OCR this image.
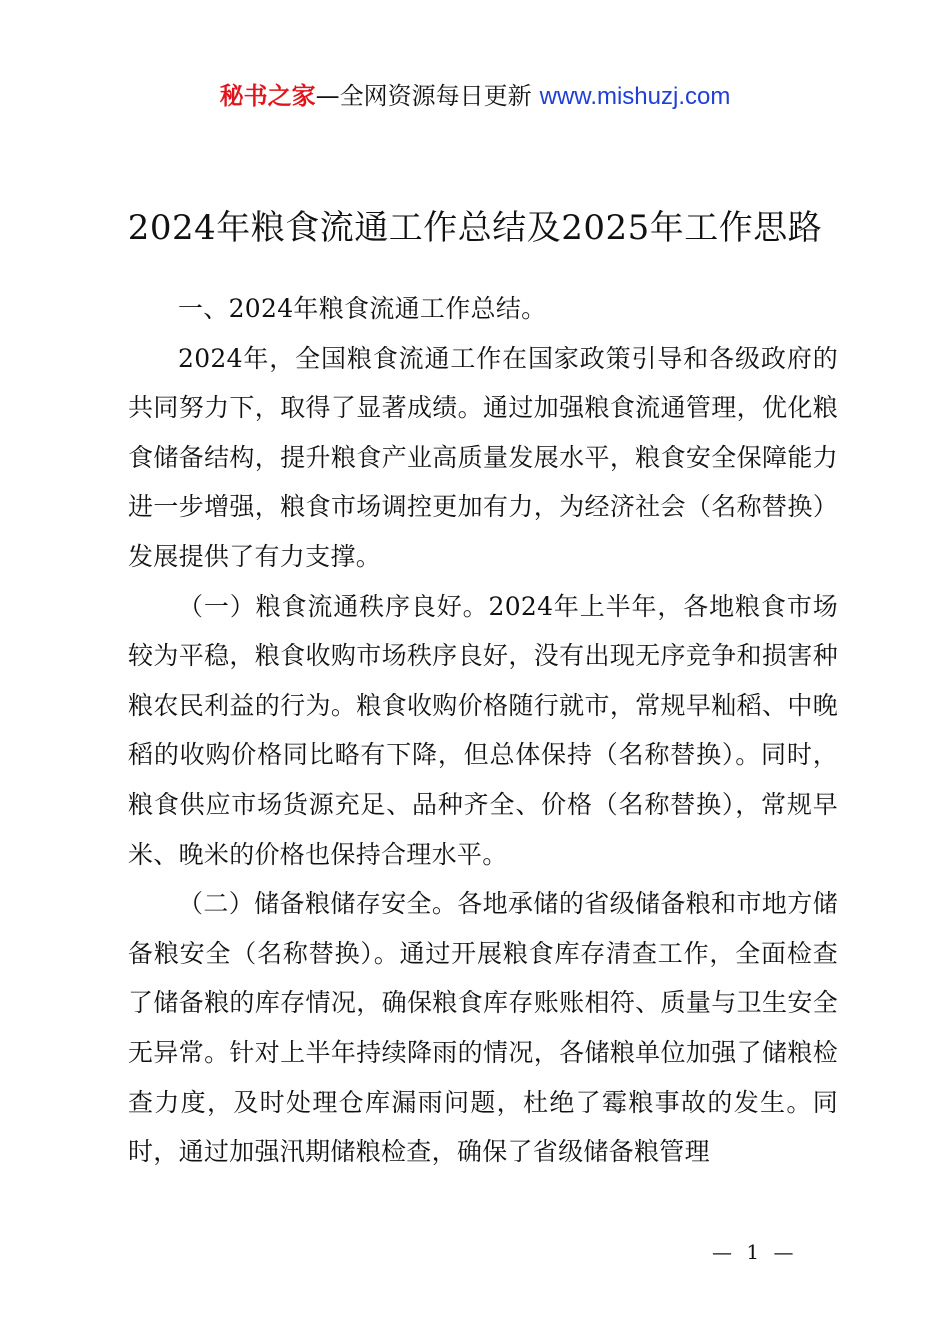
秘书之家—全网资源每日更新 www.mishuzj.com
2024年粮食流通工作总结及2025年工作思路

一、2024年粮食流通工作总结。

2024年，全国粮食流通工作在国家政策引导和各级政府的共同努力下，取得了显著成绩。通过加强粮食流通管理，优化粮食储备结构，提升粮食产业高质量发展水平，粮食安全保障能力进一步增强，粮食市场调控更加有力，为经济社会（名称替换）发展提供了有力支撑。

（一）粮食流通秩序良好。2024年上半年，各地粮食市场较为平稳，粮食收购市场秩序良好，没有出现无序竞争和损害种粮农民利益的行为。粮食收购价格随行就市，常规早籼稻、中晚稻的收购价格同比略有下降，但总体保持（名称替换）。同时，粮食供应市场货源充足、品种齐全、价格（名称替换），常规早米、晚米的价格也保持合理水平。

（二）储备粮储存安全。各地承储的省级储备粮和市地方储备粮安全（名称替换）。通过开展粮食库存清查工作，全面检查了储备粮的库存情况，确保粮食库存账账相符、质量与卫生安全无异常。针对上半年持续降雨的情况，各储粮单位加强了储粮检查力度，及时处理仓库漏雨问题，杜绝了霉粮事故的发生。同时，通过加强汛期储粮检查，确保了省级储备粮管理

— 1 —
